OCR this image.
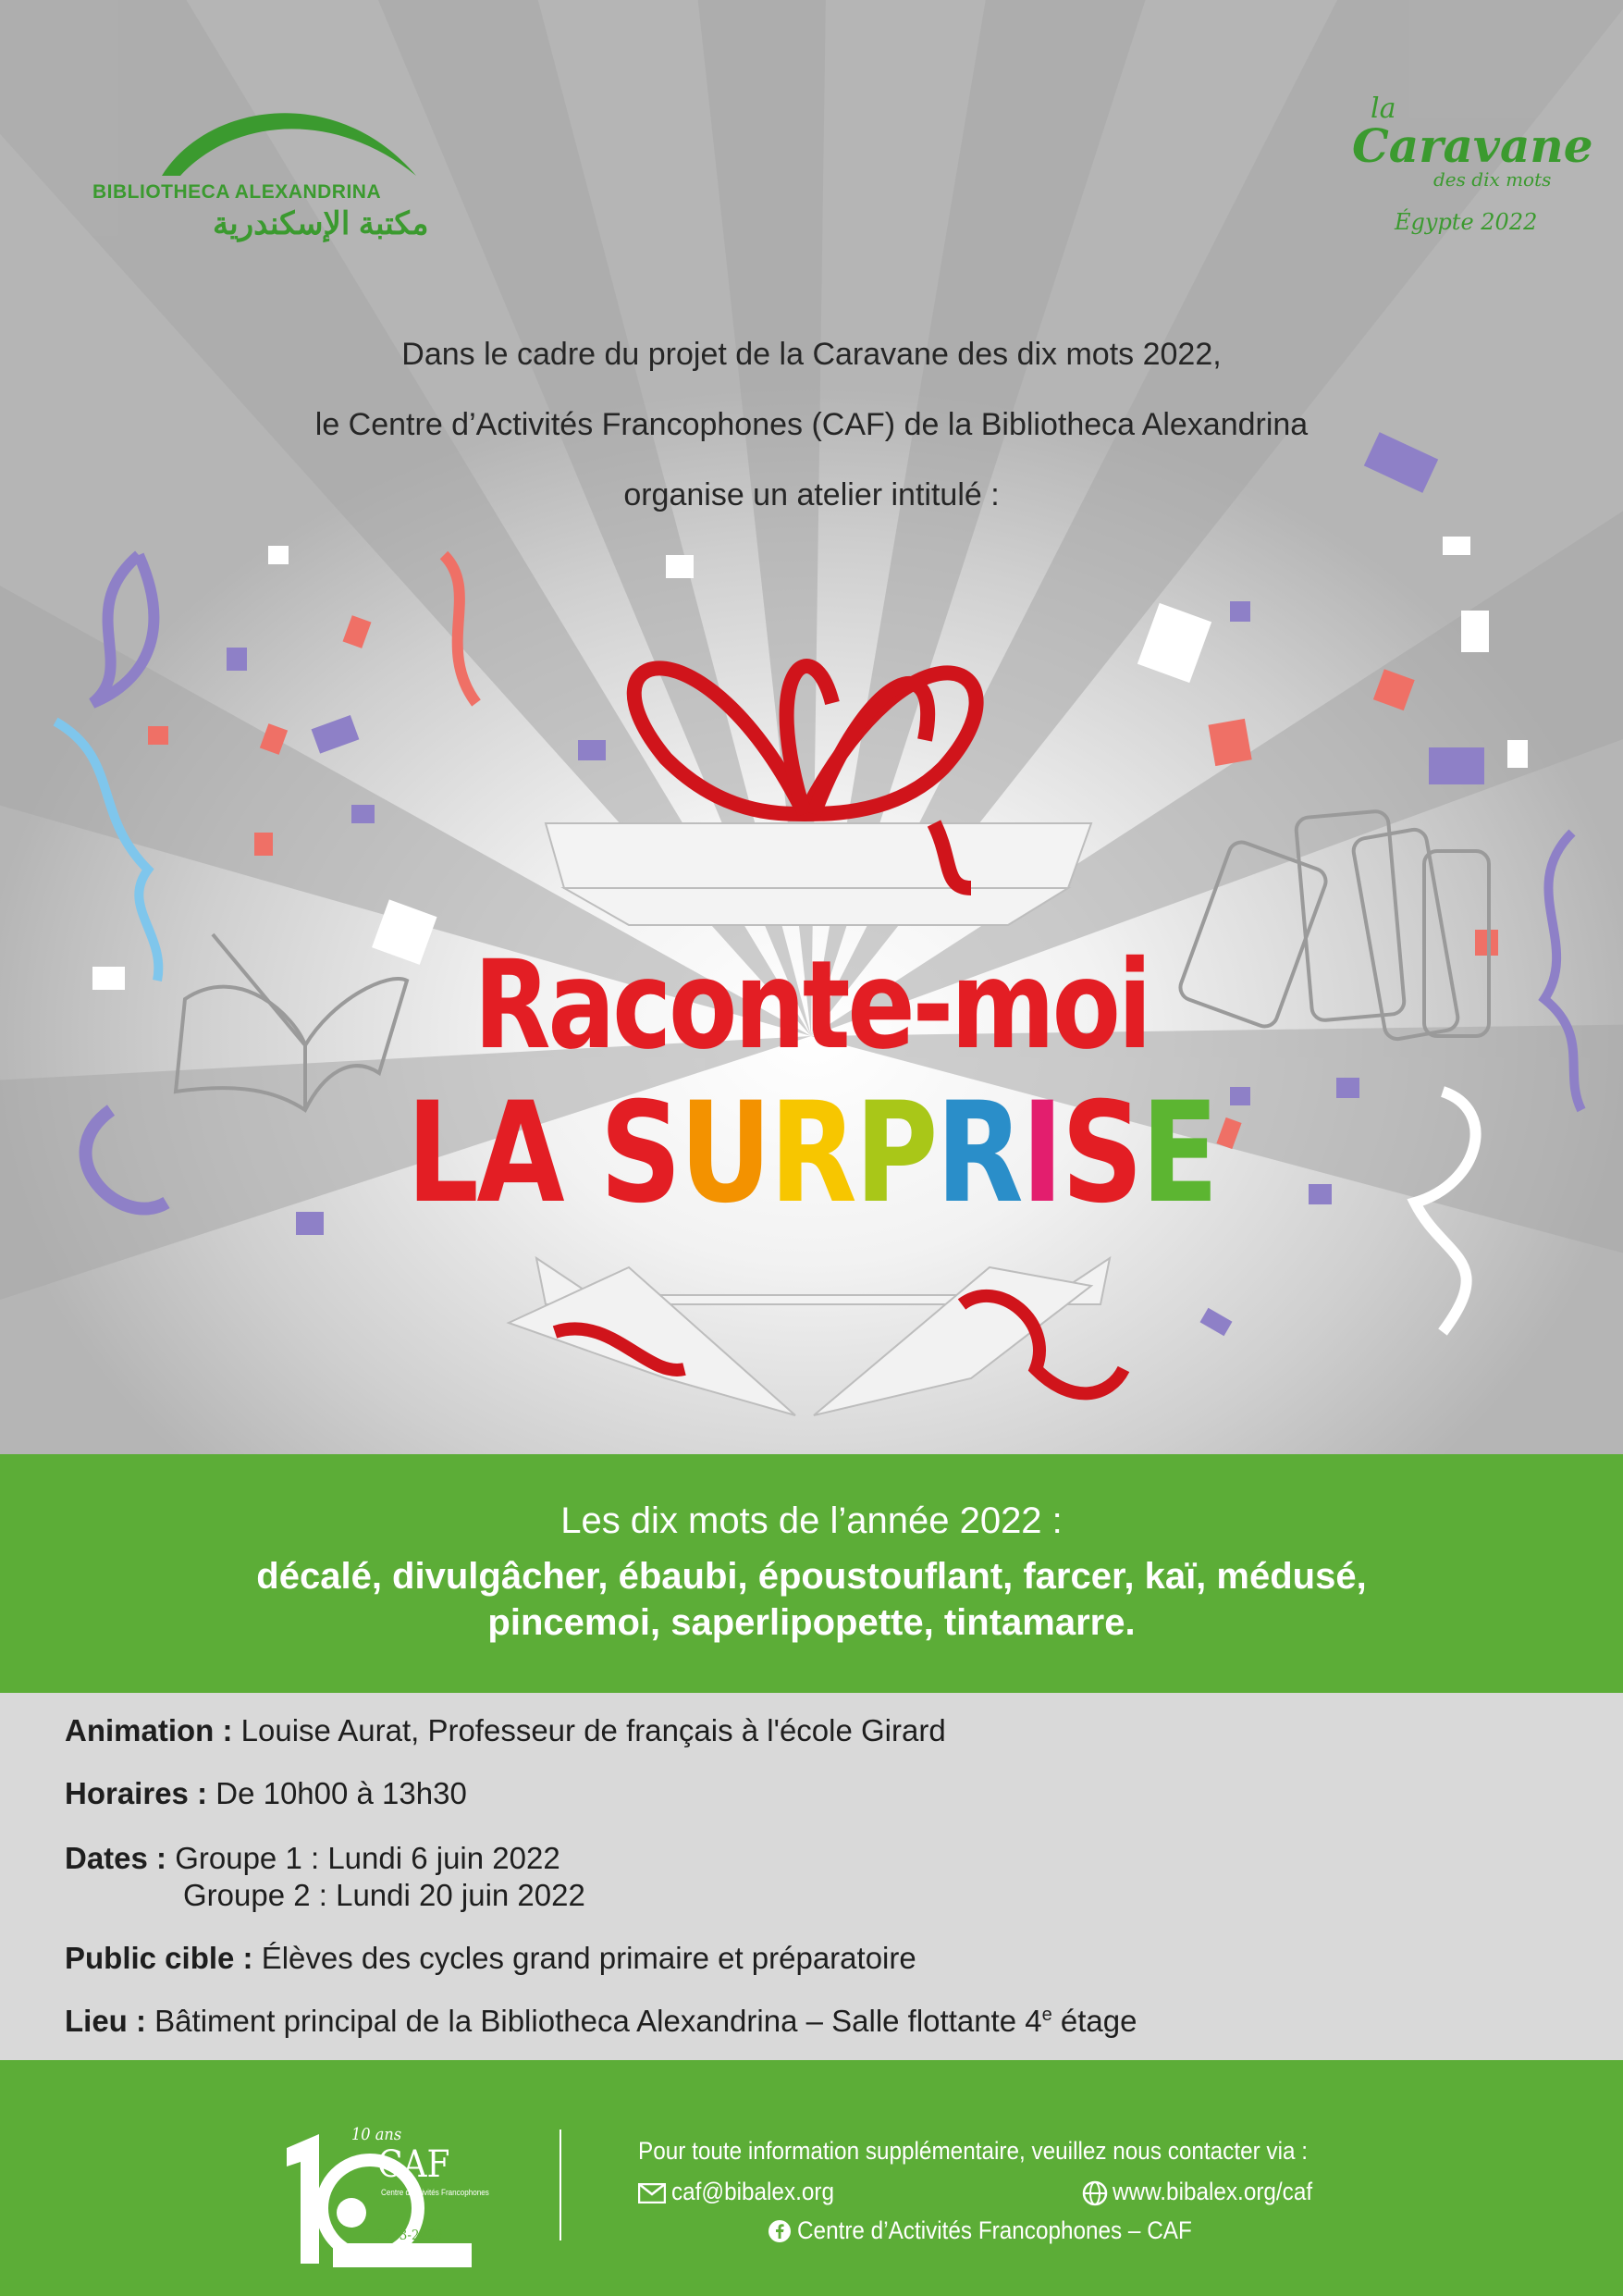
BIBLIOTHECA ALEXANDRINA
مكتبة الإسكندرية
la
Caravane
des dix mots
Égypte 2022
Dans le cadre du projet de la Caravane des dix mots 2022,
le Centre d’Activités Francophones (CAF) de la Bibliotheca Alexandrina
organise un atelier intitulé :
Raconte-moi
LA SURPRISE
Les dix mots de l’année 2022 :
décalé, divulgâcher, ébaubi, époustouflant, farcer, kaï, médusé,
pincemoi, saperlipopette, tintamarre.
Animation : Louise Aurat, Professeur de français à l'école Girard
Horaires : De 10h00 à 13h30
Dates : Groupe 1 : Lundi 6 juin 2022
Groupe 2 : Lundi 20 juin 2022
Public cible : Élèves des cycles grand primaire et préparatoire
Lieu : Bâtiment principal de la Bibliotheca Alexandrina – Salle flottante 4e étage
10 ans
CAF
Centre d'Activités Francophones
2013-2023
Pour toute information supplémentaire, veuillez nous contacter via :
caf@bibalex.org	www.bibalex.org/caf
Centre d’Activités Francophones – CAF
